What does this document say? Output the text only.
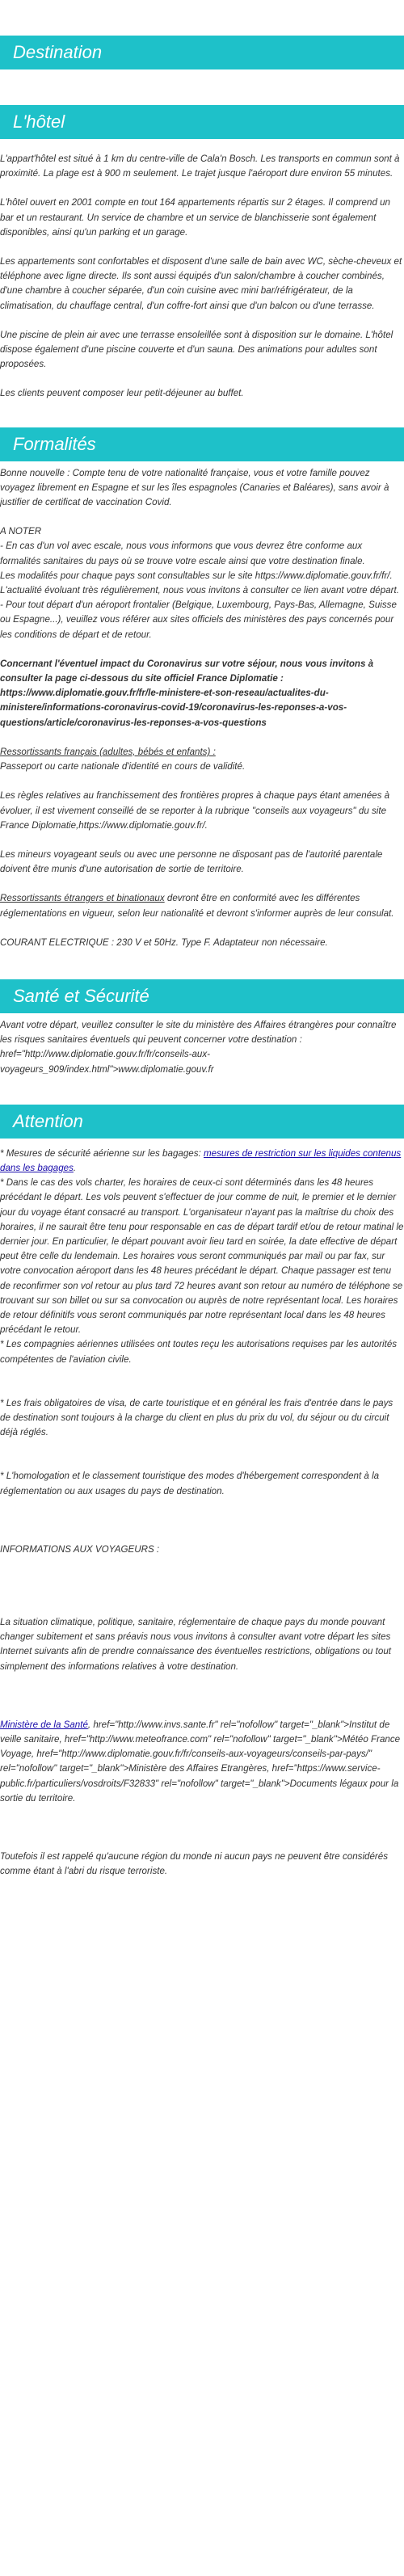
Destination
L'hôtel

L'appart'hôtel est situé à 1 km du centre-ville de Cala'n Bosch. Les transports en commun sont à proximité. La plage est à 900 m seulement. Le trajet jusque l'aéroport dure environ 55 minutes.

L'hôtel ouvert en 2001 compte en tout 164 appartements répartis sur 2 étages. Il comprend un bar et un restaurant. Un service de chambre et un service de blanchisserie sont également disponibles, ainsi qu'un parking et un garage.

Les appartements sont confortables et disposent d'une salle de bain avec WC, sèche-cheveux et téléphone avec ligne directe. Ils sont aussi équipés d'un salon/chambre à coucher combinés, d'une chambre à coucher séparée, d'un coin cuisine avec mini bar/réfrigérateur, de la climatisation, du chauffage central, d'un coffre-fort ainsi que d'un balcon ou d'une terrasse.

Une piscine de plein air avec une terrasse ensoleillée sont à disposition sur le domaine. L'hôtel dispose également d'une piscine couverte et d'un sauna. Des animations pour adultes sont proposées.

Les clients peuvent composer leur petit-déjeuner au buffet.

Formalités

Bonne nouvelle : Compte tenu de votre nationalité française, vous et votre famille pouvez voyagez librement en Espagne et sur les îles espagnoles (Canaries et Baléares), sans avoir à justifier de certificat de vaccination Covid.

A NOTER
- En cas d'un vol avec escale, nous vous informons que vous devrez être conforme aux formalités sanitaires du pays où se trouve votre escale ainsi que votre destination finale.
Les modalités pour chaque pays sont consultables sur le site https://www.diplomatie.gouv.fr/fr/. L'actualité évoluant très régulièrement, nous vous invitons à consulter ce lien avant votre départ.

- Pour tout départ d'un aéroport frontalier (Belgique, Luxembourg, Pays-Bas, Allemagne, Suisse ou Espagne...), veuillez vous référer aux sites officiels des ministères des pays concernés pour les conditions de départ et de retour.

Concernant l'éventuel impact du Coronavirus sur votre séjour, nous vous invitons à consulter la page ci-dessous du site officiel France Diplomatie : https://www.diplomatie.gouv.fr/fr/le-ministere-et-son-reseau/actualites-du-ministere/informations-coronavirus-covid-19/coronavirus-les-reponses-a-vos-questions/article/coronavirus-les-reponses-a-vos-questions

Ressortissants français (adultes, bébés et enfants) :

Passeport ou carte nationale d'identité en cours de validité.

Les règles relatives au franchissement des frontières propres à chaque pays étant amenées à évoluer, il est vivement conseillé de se reporter à la rubrique "conseils aux voyageurs" du site France Diplomatie,https://www.diplomatie.gouv.fr/.

Les mineurs voyageant seuls ou avec une personne ne disposant pas de l'autorité parentale doivent être munis d'une autorisation de sortie de territoire.

Ressortissants étrangers et binationaux devront être en conformité avec les différentes réglementations en vigueur, selon leur nationalité et devront s'informer auprès de leur consulat.

COURANT ELECTRIQUE : 230 V et 50Hz. Type F. Adaptateur non nécessaire.

Santé et Sécurité

Avant votre départ, veuillez consulter le site du ministère des Affaires étrangères pour connaître les risques sanitaires éventuels qui peuvent concerner votre destination : href="http://www.diplomatie.gouv.fr/fr/conseils-aux-voyageurs_909/index.html">www.diplomatie.gouv.fr

Attention
* Mesures de sécurité aérienne sur les bagages: mesures de restriction sur les liquides contenus dans les bagages.
* Dans le cas des vols charter, les horaires de ceux-ci sont déterminés dans les 48 heures précédant le départ. Les vols peuvent s'effectuer de jour comme de nuit, le premier et le dernier jour du voyage étant consacré au transport. L'organisateur n'ayant pas la maîtrise du choix des horaires, il ne saurait être tenu pour responsable en cas de départ tardif et/ou de retour matinal le dernier jour. En particulier, le départ pouvant avoir lieu tard en soirée, la date effective de départ peut être celle du lendemain. Les horaires vous seront communiqués par mail ou par fax, sur votre convocation aéroport dans les 48 heures précédant le départ. Chaque passager est tenu de reconfirmer son vol retour au plus tard 72 heures avant son retour au numéro de téléphone se trouvant sur son billet ou sur sa convocation ou auprès de notre représentant local. Les horaires de retour définitifs vous seront communiqués par notre représentant local dans les 48 heures précédant le retour.

* Les compagnies aériennes utilisées ont toutes reçu les autorisations requises par les autorités compétentes de l'aviation civile.

* Les frais obligatoires de visa, de carte touristique et en général les frais d'entrée dans le pays de destination sont toujours à la charge du client en plus du prix du vol, du séjour ou du circuit déjà réglés.

* L'homologation et le classement touristique des modes d'hébergement correspondent à la réglementation ou aux usages du pays de destination.

INFORMATIONS AUX VOYAGEURS :

La situation climatique, politique, sanitaire, réglementaire de chaque pays du monde pouvant changer subitement et sans préavis nous vous invitons à consulter avant votre départ les sites Internet suivants afin de prendre connaissance des éventuelles restrictions, obligations ou tout simplement des informations relatives à votre destination.

Ministère de la Santé, href="http://www.invs.sante.fr" rel="nofollow" target="_blank">Institut de veille sanitaire, href="http://www.meteofrance.com" rel="nofollow" target="_blank">Météo France Voyage, href="http://www.diplomatie.gouv.fr/fr/conseils-aux-voyageurs/conseils-par-pays/" rel="nofollow" target="_blank">Ministère des Affaires Etrangères, href="https://www.service-public.fr/particuliers/vosdroits/F32833" rel="nofollow" target="_blank">Documents légaux pour la sortie du territoire.

Toutefois il est rappelé qu'aucune région du monde ni aucun pays ne peuvent être considérés comme étant à l'abri du risque terroriste.
